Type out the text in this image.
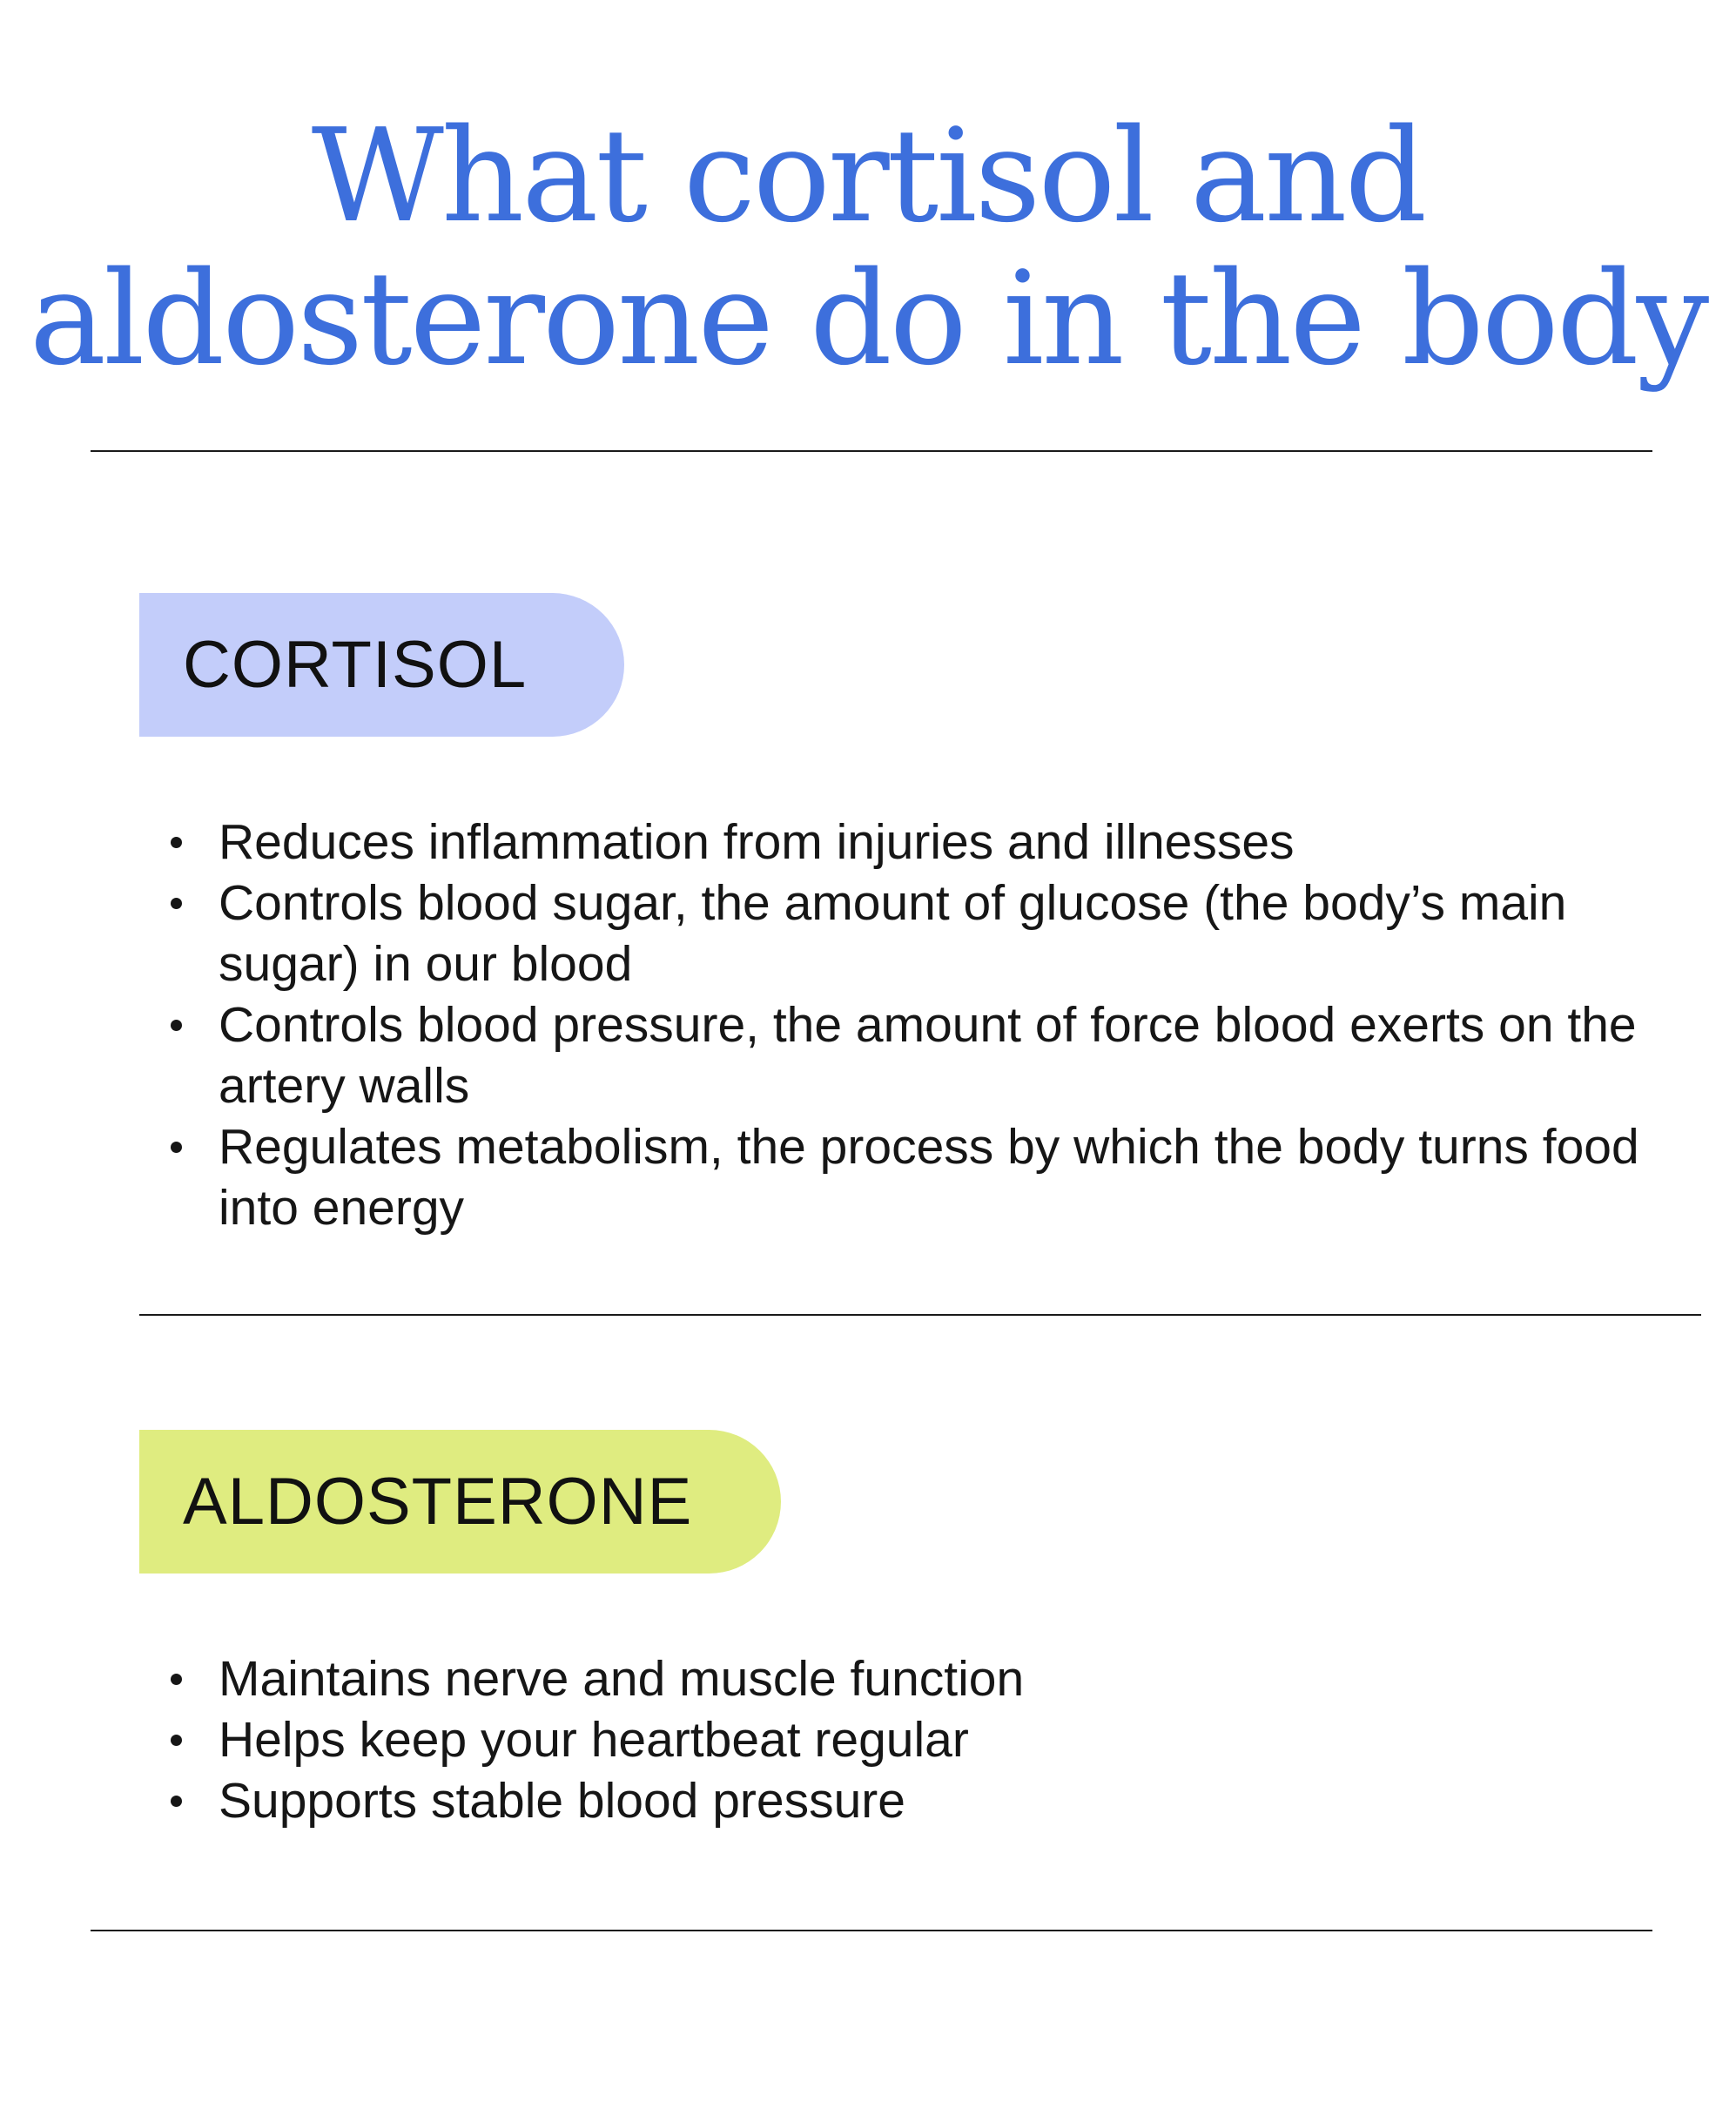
What cortisol and
aldosterone do in the body
CORTISOL
Reduces inflammation from injuries and illnesses
Controls blood sugar, the amount of glucose (the body’s main sugar) in our blood
Controls blood pressure, the amount of force blood exerts on the artery walls
Regulates metabolism, the process by which the body turns food into energy
ALDOSTERONE
Maintains nerve and muscle function
Helps keep your heartbeat regular
Supports stable blood pressure
